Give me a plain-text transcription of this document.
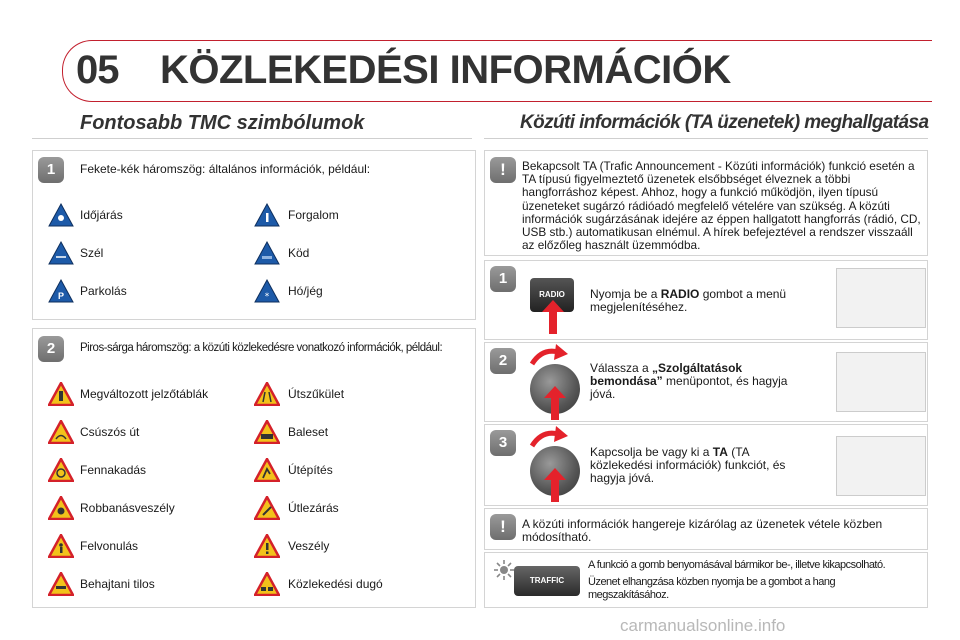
05 KÖZLEKEDÉSI INFORMÁCIÓK
Fontosabb TMC szimbólumok	Közúti információk (TA üzenetek) meghallgatása
1	Fekete-kék háromszög: általános információk, például:
Időjárás	Forgalom
Szél	Köd
P Parkolás	* Hó/jég
2	Piros-sárga háromszög: a közúti közlekedésre vonatkozó információk, például:
Megváltozott jelzőtáblák	Útszűkület
Csúszós út	Baleset
Fennakadás	Útépítés
Robbanásveszély	Útlezárás
Felvonulás	Veszély
Behajtani tilos	Közlekedési dugó
!	Bekapcsolt TA (Trafic Announcement - Közúti információk) funkció esetén a TA típusú figyelmeztető üzenetek elsőbbséget élveznek a többi hangforráshoz képest. Ahhoz, hogy a funkció működjön, ilyen típusú üzeneteket sugárzó rádióadó megfelelő vételére van szükség. A közúti információk sugárzásának idejére az éppen hallgatott hangforrás (rádió, CD, USB stb.) automatikusan elnémul. A hírek befejeztével a rendszer visszaáll az előzőleg használt üzemmódba.
1
RADIO	Nyomja be a RADIO gombot a menü megjelenítéséhez.
2	Válassza a „Szolgáltatások bemondása” menüpontot, és hagyja jóvá.
3
Kapcsolja be vagy ki a TA (TA közlekedési információk) funkciót, és hagyja jóvá.
!	A közúti információk hangereje kizárólag az üzenetek vétele közben módosítható.
TRAFFIC
A funkció a gomb benyomásával bármikor be-, illetve kikapcsolható.
Üzenet elhangzása közben nyomja be a gombot a hang megszakításához.
carmanualsonline.info
